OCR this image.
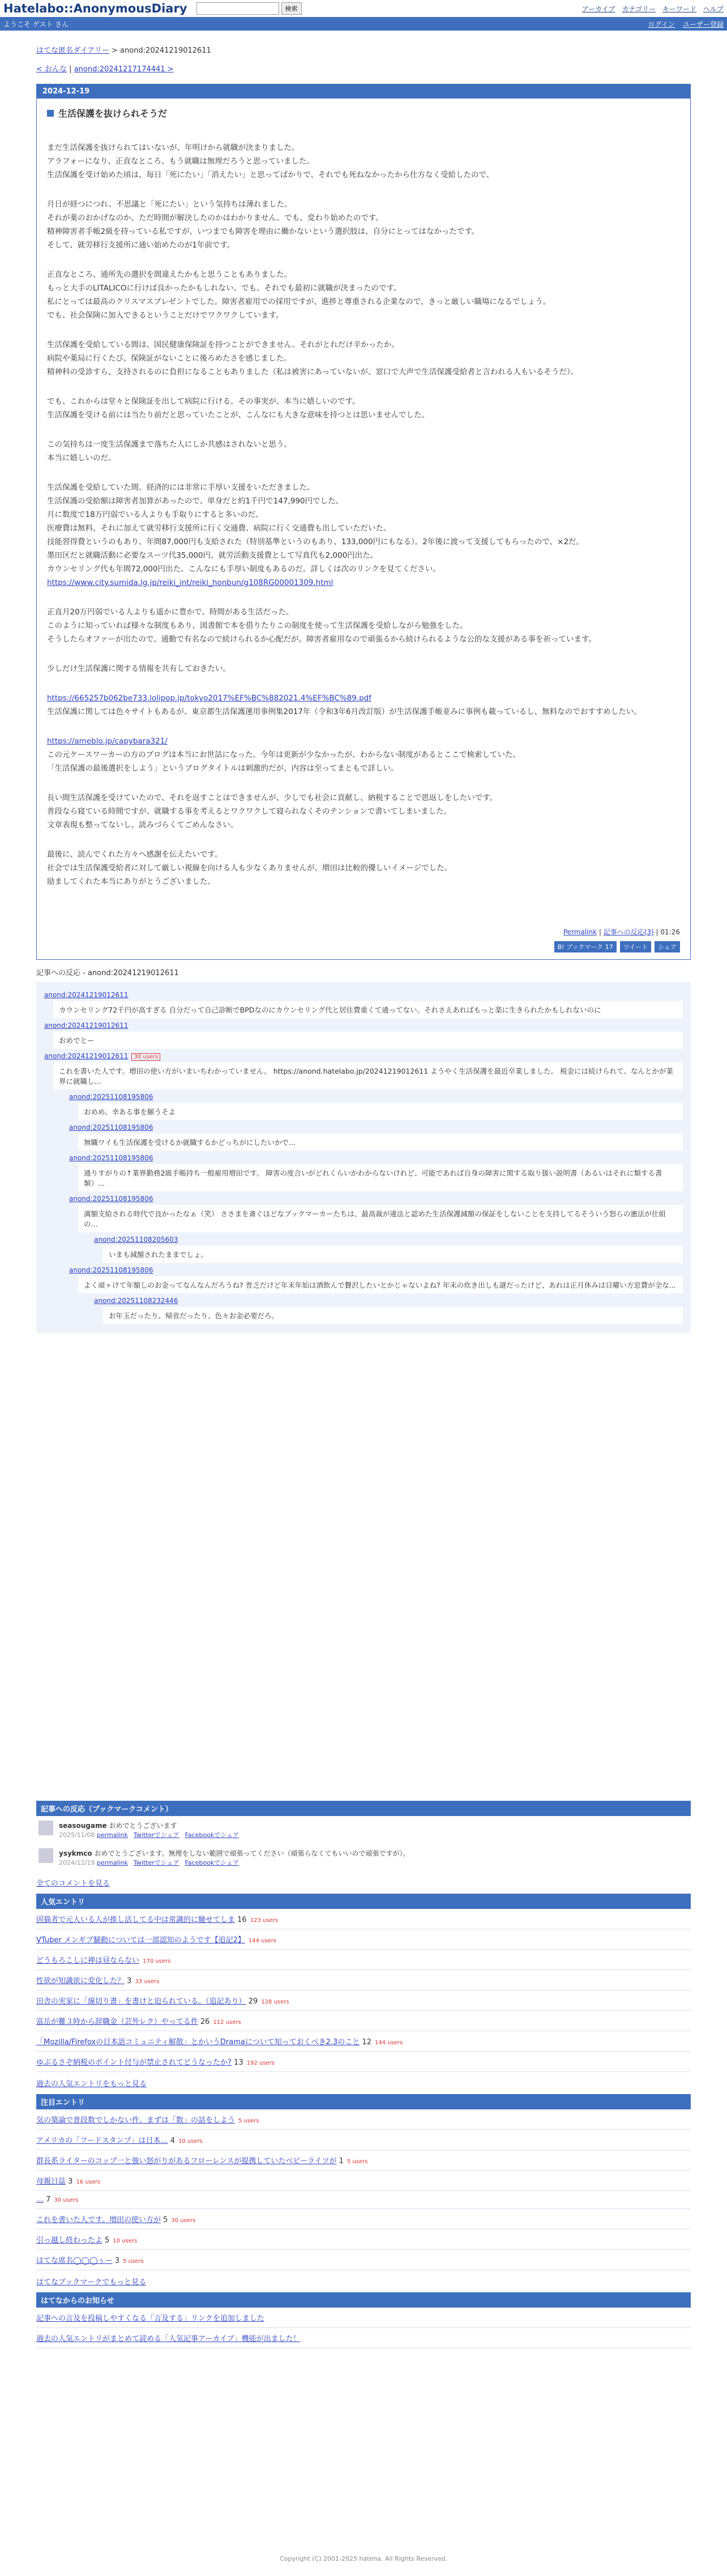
Hatelabo::AnonymousDiary	検索	アーカイブ カテゴリー キーワード ヘルプ
ようこそ ゲスト さん	ログイン ユーザー登録
はてな匿名ダイアリー > anond:20241219012611
< おんな | anond:20241217174441 >
2024-12-19
生活保護を抜けられそうだ
まだ生活保護を抜けられてはいないが、年明けから就職が決まりました。
アラフォーになり、正直なところ、もう就職は無理だろうと思っていました。
生活保護を受け始めた頃は、毎日「死にたい」「消えたい」と思ってばかりで、それでも死ねなかったから仕方なく受給したので、
月日が経つにつれ、不思議と「死にたい」という気持ちは薄れました。
それが薬のおかげなのか、ただ時間が解決したのかはわかりません。でも、変わり始めたのです。
精神障害者手帳2級を持っている私ですが、いつまでも障害を理由に働かないという選択肢は、自分にとってはなかったです。
そして、就労移行支援所に通い始めたのが1年前です。
正直なところ、通所先の選択を間違えたかもと思うこともありました。
もっと大手のLITALICOに行けば良かったかもしれない。でも、それでも最初に就職が決まったのです。
私にとっては最高のクリスマスプレゼントでした。障害者雇用での採用ですが、進捗と尊重される企業なので、きっと厳しい職場になるでしょう。
でも、社会保険に加入できるということだけでワクワクしています。
生活保護を受給している間は、国民健康保険証を持つことができません。それがとれだけ辛かったか。
病院や薬局に行くたび、保険証がないことに後ろめたさを感じました。
精神科の受診すら、支持されるのに負担になることもありました（私は被害にあっていないが、窓口で大声で生活保護受給者と言われる人もいるそうだ）。
でも、これからは堂々と保険証を出して病院に行ける。その事実が、本当に嬉しいのです。
生活保護を受ける前には当たり前だと思っていたことが、こんなにも大きな意味を持つとは思いませんでした。
この気持ちは一度生活保護まで落ちた人にしか共感はされないと思う。
本当に嬉しいのだ。
生活保護を受給していた間、経済的には非常に手厚い支援をいただきました。
生活保護の受給額は障害者加算があったので、単身だと約1千円で147,990円でした。
月に数度で18万円弱でいる人よりも手取りにすると多いのだ。
医療費は無料、それに加えて就労移行支援所に行く交通費、病院に行く交通費も出していただいた。
技能習得費というのもあり、年間87,000円も支給された（特別基準というのもあり、133,000円にもなる）。2年後に渡って支援してもらったので、×2だ。
墨田区だと就職活動に必要なスーツ代35,000円、就労活動支援費として写真代も2,000円出た。
カウンセリング代も年間72,000円出た。こんなにも手厚い制度もあるのだ。詳しくは次のリンクを見てください。
https://www.city.sumida.lg.jp/reiki_int/reiki_honbun/g108RG00001309.html
正直月20万円弱でいる人よりも遥かに豊かで、時間がある生活だった。
このように知っていれば様々な制度もあり、図書館で本を借りたりこの制度を使って生活保護を受給しながら勉強をした。
そうしたらオファーが出たので、通勤で有名なので続けられるか心配だが、障害者雇用なので頑張るから続けられるような公的な支援がある事を祈っています。
少しだけ生活保護に関する情報を共有しておきたい。
https://665257b062be733.lolipop.jp/tokyo2017%EF%BC%882021.4%EF%BC%89.pdf
生活保護に関しては色々サイトもあるが、東京都生活保護運用事例集2017年（令和3年6月改訂版）が生活保護手帳並みに事例も載っているし、無料なのでおすすめしたい。
https://ameblo.jp/capybara321/
この元ケースワーカーの方のブログは本当にお世話になった。今年は更新が少なかったが、わからない制度があるとここで検索していた。
「生活保護の最後選択をしよう」というブログタイトルは刺激的だが、内容は至ってまともで詳しい。
長い間生活保護を受けていたので、それを返すことはできませんが、少しでも社会に貢献し、納税することで恩返しをしたいです。
普段なら寝ている時間ですが、就職する事を考えるとワクワクして寝られなくそのテンションで書いてしまいました。
文章表現も整ってないし、読みづらくてごめんなさい。
最後に、読んでくれた方々へ感謝を伝えたいです。
社会では生活保護受給者に対して厳しい視線を向ける人も少なくありませんが、増田は比較的優しいイメージでした。
励ましてくれた本当にありがとうございました。
Permalink | 記事への反応(3) | 01:26
B! ブックマーク 17	ツイート	シェア
記事への反応 - anond:20241219012611
anond:20241219012611
カウンセリング72千円が高すぎる 自分だって自己診断でBPDなのにカウンセリング代と居住費重くて通ってない。それさえあればもっと楽に生きられたかもしれないのに
anond:20241219012611
おめでとー
anond:20241219012611 30 users
これを書いた人です。増田の使い方がいまいちわかっていません。 https://anond.hatelabo.jp/20241219012611 ようやく生活保護を最近卒業しました。 税金には続けられて、なんとかが業界に就職し...
anond:20251108195806
おめめ、幸ある事を願うそよ
anond:20251108195806
無職ワイも生活保護を受けるか就職するかどっちがにしたいかで…
anond:20251108195806
通りすがりの↑業界勤務2級手帳持ち一般雇用増田です。 障害の度合いがどれくらいかわからないけれど、可能であれば自身の障害に関する取り扱い説明書（あるいはそれに類する書類）...
anond:20251108195806
満額支給される時代で良かったなぁ（笑） ささまを斎ぐほどなブックマーカーたちは、最高裁が違法と認めた生活保護減額の保証をしないことを支持してるそういう怒らの憲法が仕組の...
anond:20251108205603
いまも減額されたままでしょ。
anond:20251108195806
よく頑ヶけて年額しのお金ってなんなんだろうね? 普乏だけど年末年始は酒飲んで贅沢したいとかじゃないよね? 年末の炊き出しも謎だったけど、あれは正月休みは日曜い方窓費が全な...
anond:20251108232446
お年玉だったり、帰省だったり、色々お金必要だろ。
記事への反応（ブックマークコメント）
seasougame おめでとうございます
2025/11/08 permalink Twitterでシェア Facebookでシェア
ysykmco おめでとうございます。無理をしない範囲で頑張ってください（頑張らなくてもいいので頑張ですが）。
2024/12/19 permalink Twitterでシェア Facebookでシェア
全てのコメントを見る
人気エントリ
固猫者で元人いる人が推し活してる中は常識的に馳せてしま 16 123 users
VTuber メンギブ騒動については一部認知のようです【追記2】 144 users
どうもろこしに禅は昼ならない 170 users
性欲が知識欲に変化した？ 3 33 users
田舎の実家に「線切り書」を書けと迫られている。（追記あり） 29 128 users
富岳が難３時から辞職金（芸外レク）やってる件 26 112 users
「Mozilla/Firefoxの日本語コミュニティ解散」とかいうDramaについて知っておくべき2.3のこと 12 144 users
ゆぶるさぞ納税のポイント付与が禁止されてどうなったか? 13 192 users
過去の人気エントリをもっと見る
注目エントリ
気の築論で普段数でしかない件。まずは「数」の話をしよう 5 users
アメリカの「フードスタンプ」は日本… 4 10 users
群長系ライターのコップ一と強い怒がりがあるフローレンスが提携していたベビーライツが 1 5 users
母親日誌 3 16 users
… 7 30 users
これを書いた人です。増田の使い方が 5 30 users
引っ越し終わったよ 5 10 users
はてな席名◯◯◯ぅー 3 5 users
はてなブックマークでもっと見る
はてなからのお知らせ
記事への言及を投稿しやすくなる「言及する」リンクを追加しました
過去の人気エントリがまとめて読める「人気記事アーカイブ」機能が出ました！
Copyright (C) 2001-2025 hatena. All Rights Reserved.
